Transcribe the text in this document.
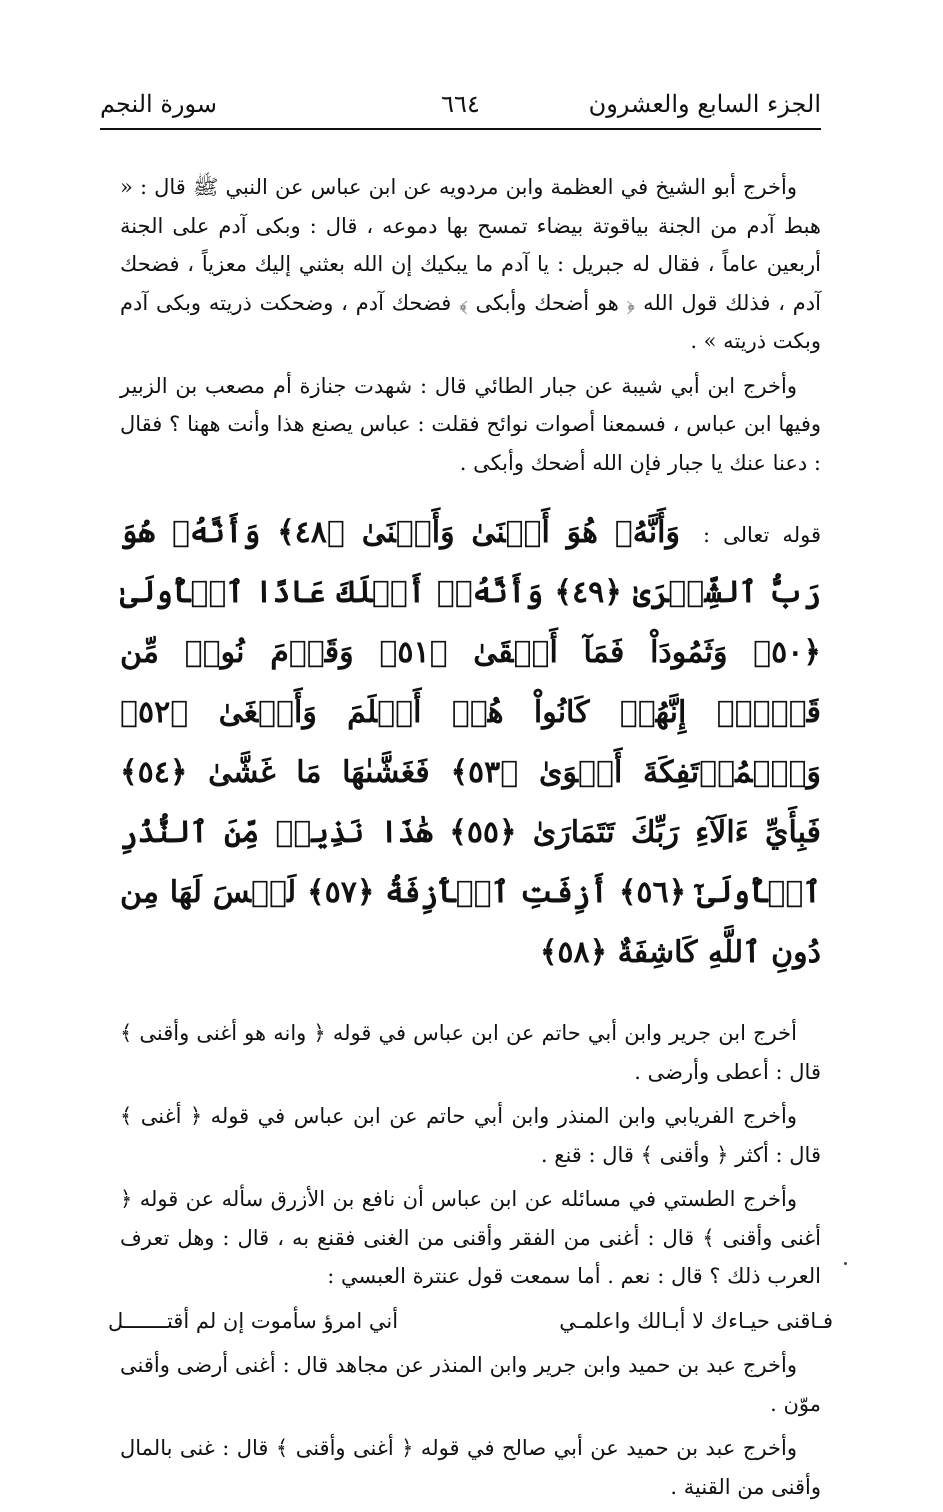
الجزء السابع والعشرون
٦٦٤
سورة النجم

وأخرج أبو الشيخ في العظمة وابن مردويه عن ابن عباس عن النبي ﷺ قال : « هبط آدم من الجنة بياقوتة بيضاء تمسح بها دموعه ، قال : وبكى آدم على الجنة أربعين عاماً ، فقال له جبريل : يا آدم ما يبكيك إن الله بعثني إليك معزياً ، فضحك آدم ، فذلك قول الله ﴿ هو أضحك وأبكى ﴾ فضحك آدم ، وضحكت ذريته وبكى آدم وبكت ذريته » .

وأخرج ابن أبي شيبة عن جبار الطائي قال : شهدت جنازة أم مصعب بن الزبير وفيها ابن عباس ، فسمعنا أصوات نوائح فقلت : عباس يصنع هذا وأنت ههنا ؟ فقال : دعنا عنك يا جبار فإن الله أضحك وأبكى .

قوله تعالى : وَأَنَّهُۥ هُوَ أَغۡنَىٰ وَأَقۡنَىٰ ﴿٤٨﴾ وَأَنَّهُۥ هُوَ رَبُّ ٱلشِّعۡرَىٰ ﴿٤٩﴾ وَأَنَّهُۥٓ أَهۡلَكَ عَادًا ٱلۡأُولَىٰ ﴿٥٠﴾ وَثَمُودَاْ فَمَآ أَبۡقَىٰ ﴿٥١﴾ وَقَوۡمَ نُوحٖ مِّن قَبۡلُۖ إِنَّهُمۡ كَانُواْ هُمۡ أَظۡلَمَ وَأَطۡغَىٰ ﴿٥٢﴾ وَٱلۡمُؤۡتَفِكَةَ أَهۡوَىٰ ﴿٥٣﴾ فَغَشَّىٰهَا مَا غَشَّىٰ ﴿٥٤﴾ فَبِأَيِّ ءَالَآءِ رَبِّكَ تَتَمَارَىٰ ﴿٥٥﴾ هَٰذَا نَذِيرٞ مِّنَ ٱلنُّذُرِ ٱلۡأُولَىٰٓ ﴿٥٦﴾ أَزِفَتِ ٱلۡأٓزِفَةُ ﴿٥٧﴾ لَيۡسَ لَهَا مِن دُونِ ٱللَّهِ كَاشِفَةٌ ﴿٥٨﴾

أخرج ابن جرير وابن أبي حاتم عن ابن عباس في قوله ﴿ وانه هو أغنى وأقنى ﴾ قال : أعطى وأرضى .

وأخرج الفريابي وابن المنذر وابن أبي حاتم عن ابن عباس في قوله ﴿ أغنى ﴾ قال : أكثر ﴿ وأقنى ﴾ قال : قنع .

وأخرج الطستي في مسائله عن ابن عباس أن نافع بن الأزرق سأله عن قوله ﴿ أغنى وأقنى ﴾ قال : أغنى من الفقر وأقنى من الغنى فقنع به ، قال : وهل تعرف العرب ذلك ؟ قال : نعم . أما سمعت قول عنترة العبسي :

فـاقنى حيـاءك لا أبـالك واعلمـي
أني امرؤ سأموت إن لم أقتـــــــل

وأخرج عبد بن حميد وابن جرير وابن المنذر عن مجاهد قال : أغنى أرضى وأقنى موّن .

وأخرج عبد بن حميد عن أبي صالح في قوله ﴿ أغنى وأقنى ﴾ قال : غنى بالمال وأقنى من القنية .
